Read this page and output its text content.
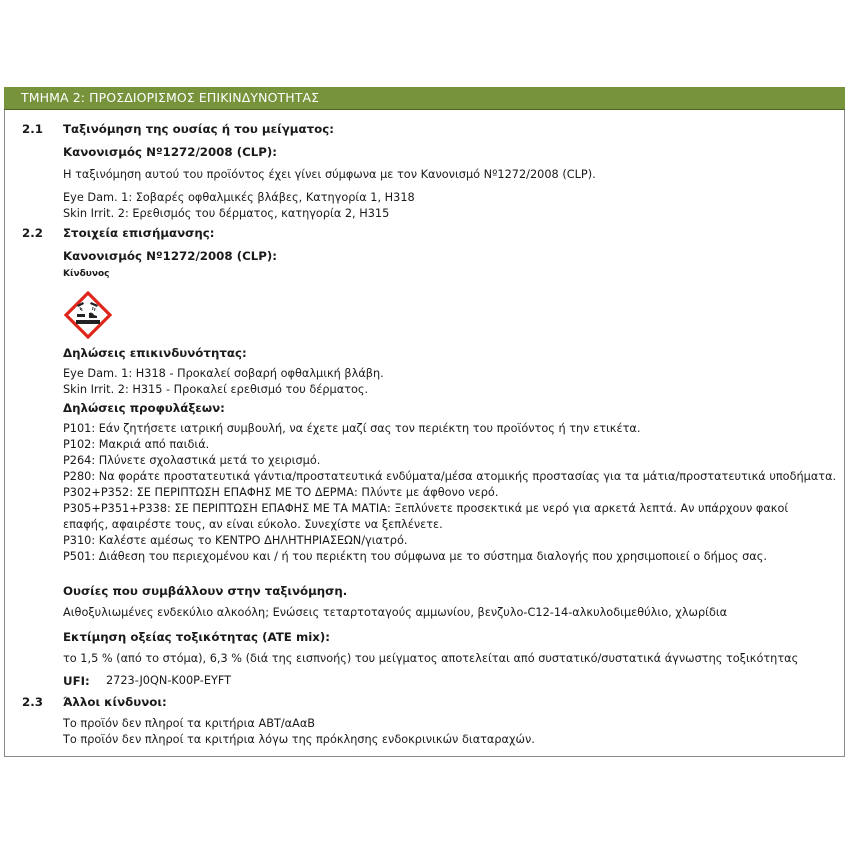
ΤΜΗΜΑ 2: ΠΡΟΣΔΙΟΡΙΣΜΟΣ ΕΠΙΚΙΝΔΥΝΟΤΗΤΑΣ
2.1 Ταξινόμηση της ουσίας ή του μείγματος:
Κανονισμός Nº1272/2008 (CLP):
Η ταξινόμηση αυτού του προϊόντος έχει γίνει σύμφωνα με τον Κανονισμό Nº1272/2008 (CLP).
Eye Dam. 1: Σοβαρές οφθαλμικές βλάβες, Κατηγορία 1, H318
Skin Irrit. 2: Ερεθισμός του δέρματος, κατηγορία 2, H315
2.2 Στοιχεία επισήμανσης:
Κανονισμός Nº1272/2008 (CLP):
Κίνδυνος
Δηλώσεις επικινδυνότητας:
Eye Dam. 1: H318 - Προκαλεί σοβαρή οφθαλμική βλάβη.
Skin Irrit. 2: H315 - Προκαλεί ερεθισμό του δέρματος.
Δηλώσεις προφυλάξεων:
P101: Εάν ζητήσετε ιατρική συμβουλή, να έχετε μαζί σας τον περιέκτη του προϊόντος ή την ετικέτα.
P102: Μακριά από παιδιά.
P264: Πλύνετε σχολαστικά μετά το χειρισμό.
P280: Να φοράτε προστατευτικά γάντια/προστατευτικά ενδύματα/μέσα ατομικής προστασίας για τα μάτια/προστατευτικά υποδήματα.
P302+P352: ΣΕ ΠΕΡΙΠΤΩΣΗ ΕΠΑΦΗΣ ΜΕ ΤΟ ΔΕΡΜΑ: Πλύντε με άφθονο νερό.
P305+P351+P338: ΣΕ ΠΕΡΙΠΤΩΣΗ ΕΠΑΦΗΣ ΜΕ ΤΑ ΜΑΤΙΑ: Ξεπλύνετε προσεκτικά με νερό για αρκετά λεπτά. Αν υπάρχουν φακοί
επαφής, αφαιρέστε τους, αν είναι εύκολο. Συνεχίστε να ξεπλένετε.
P310: Καλέστε αμέσως το ΚΕΝΤΡΟ ΔΗΛΗΤΗΡΙΑΣΕΩΝ/γιατρό.
P501: Διάθεση του περιεχομένου και / ή του περιέκτη του σύμφωνα με το σύστημα διαλογής που χρησιμοποιεί ο δήμος σας.
Ουσίες που συμβάλλουν στην ταξινόμηση.
Αιθοξυλιωμένες ενδεκύλιο αλκοόλη; Ενώσεις τεταρτοταγούς αμμωνίου, βενζυλο-C12-14-αλκυλοδιμεθύλιο, χλωρίδια
Εκτίμηση οξείας τοξικότητας (ATE mix):
το 1,5 % (από το στόμα), 6,3 % (διά της εισπνοής) του μείγματος αποτελείται από συστατικό/συστατικά άγνωστης τοξικότητας
UFI: 2723-J0QN-K00P-EYFT
2.3 Άλλοι κίνδυνοι:
Το προϊόν δεν πληροί τα κριτήρια ΑΒΤ/αΑαΒ
Το προϊόν δεν πληροί τα κριτήρια λόγω της πρόκλησης ενδοκρινικών διαταραχών.
